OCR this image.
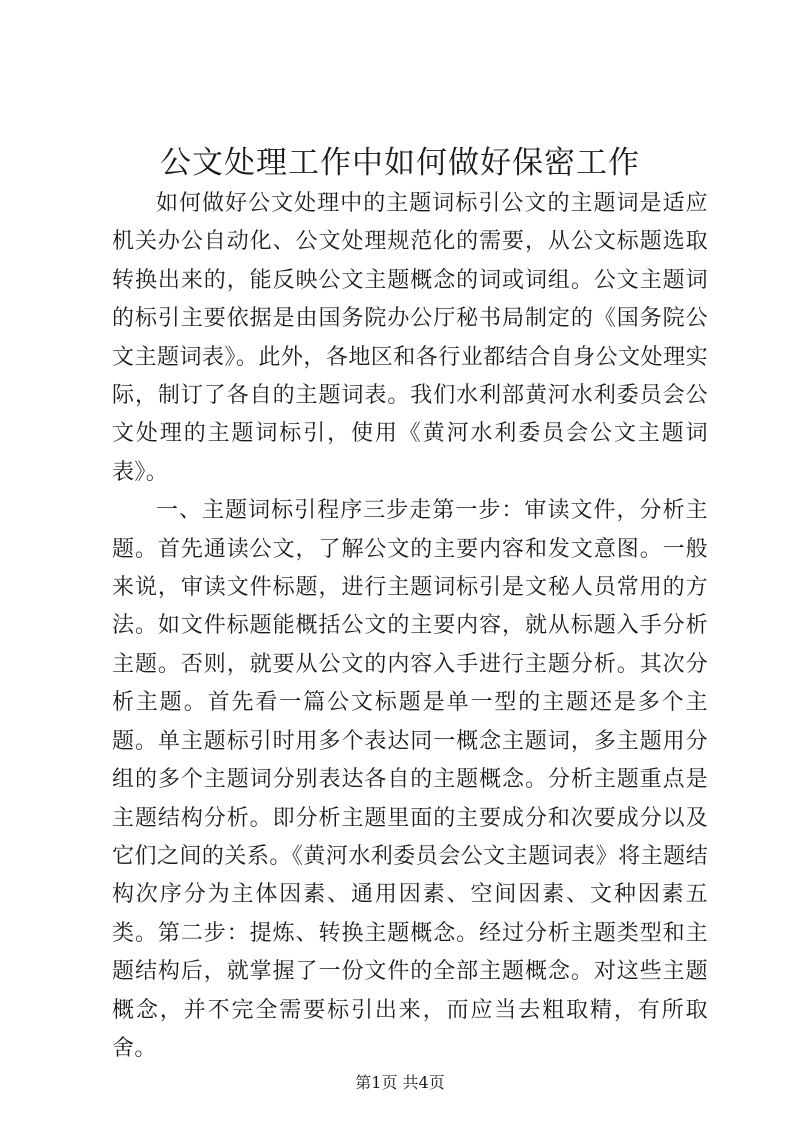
公文处理工作中如何做好保密工作

如何做好公文处理中的主题词标引公文的主题词是适应机关办公自动化、公文处理规范化的需要，从公文标题选取转换出来的，能反映公文主题概念的词或词组。公文主题词的标引主要依据是由国务院办公厅秘书局制定的《国务院公文主题词表》。此外，各地区和各行业都结合自身公文处理实际，制订了各自的主题词表。我们水利部黄河水利委员会公文处理的主题词标引，使用《黄河水利委员会公文主题词表》。

一、主题词标引程序三步走第一步：审读文件，分析主题。首先通读公文，了解公文的主要内容和发文意图。一般来说，审读文件标题，进行主题词标引是文秘人员常用的方法。如文件标题能概括公文的主要内容，就从标题入手分析主题。否则，就要从公文的内容入手进行主题分析。其次分析主题。首先看一篇公文标题是单一型的主题还是多个主题。单主题标引时用多个表达同一概念主题词，多主题用分组的多个主题词分别表达各自的主题概念。分析主题重点是主题结构分析。即分析主题里面的主要成分和次要成分以及它们之间的关系。《黄河水利委员会公文主题词表》将主题结构次序分为主体因素、通用因素、空间因素、文种因素五类。第二步：提炼、转换主题概念。经过分析主题类型和主题结构后，就掌握了一份文件的全部主题概念。对这些主题概念，并不完全需要标引出来，而应当去粗取精，有所取舍。

第1页 共4页
